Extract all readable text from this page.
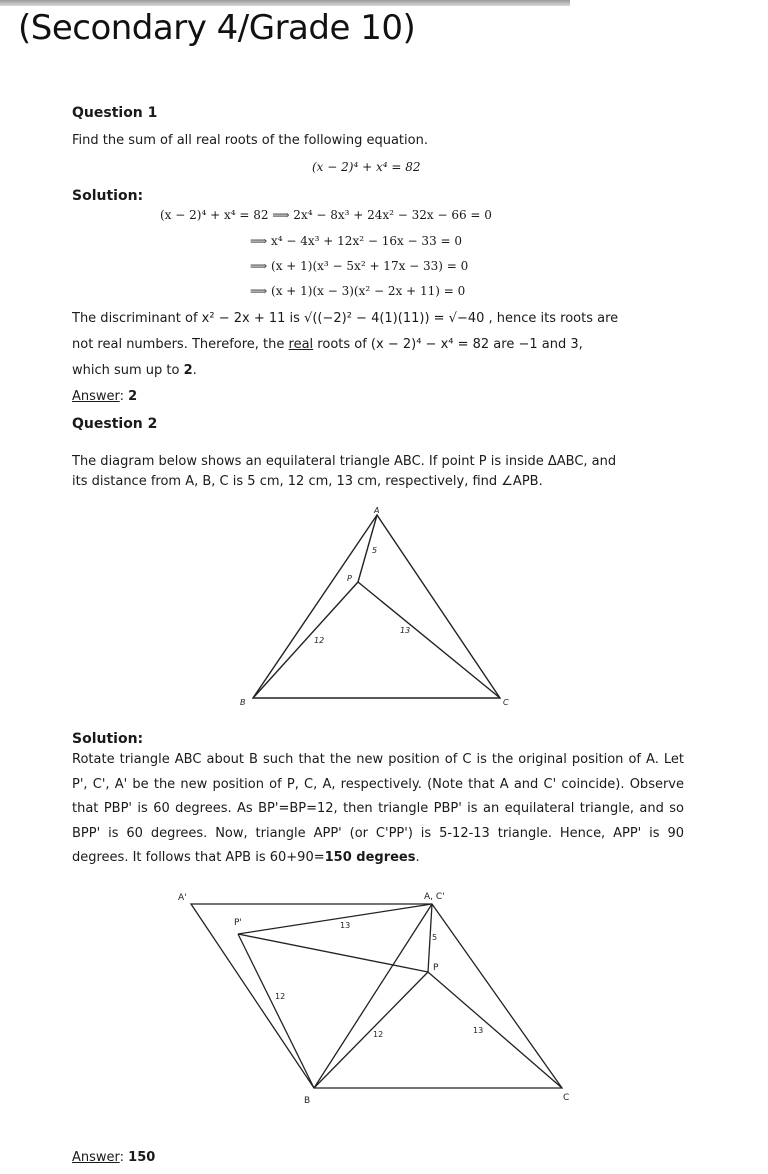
(Secondary 4/Grade 10)
Question 1
Find the sum of all real roots of the following equation.
(x − 2)⁴ + x⁴ = 82
Solution:
(x − 2)⁴ + x⁴ = 82 ⟹ 2x⁴ − 8x³ + 24x² − 32x − 66 = 0
⟹ x⁴ − 4x³ + 12x² − 16x − 33 = 0
⟹ (x + 1)(x³ − 5x² + 17x − 33) = 0
⟹ (x + 1)(x − 3)(x² − 2x + 11) = 0
The discriminant of x² − 2x + 11 is √((−2)² − 4(1)(11)) = √−40 , hence its roots are
not real numbers. Therefore, the real roots of (x − 2)⁴ − x⁴ = 82 are −1 and 3,
which sum up to 2.
Answer: 2
Question 2
The diagram below shows an equilateral triangle ABC. If point P is inside ΔABC, and
its distance from A, B, C is 5 cm, 12 cm, 13 cm, respectively, find ∠APB.
A
B	C
P
5
12
13
Solution:
Rotate triangle ABC about B such that the new position of C is the original position of A. Let P', C', A' be the new position of P, C, A, respectively. (Note that A and C' coincide). Observe that PBP' is 60 degrees. As BP'=BP=12, then triangle PBP' is an equilateral triangle, and so BPP' is 60 degrees. Now, triangle APP' (or C'PP') is 5-12-13 triangle. Hence, APP' is 90 degrees. It follows that APB is 60+90=150 degrees.
A'	A, C'
P'
P
B	C
13
5
12
12	13
Answer: 150
